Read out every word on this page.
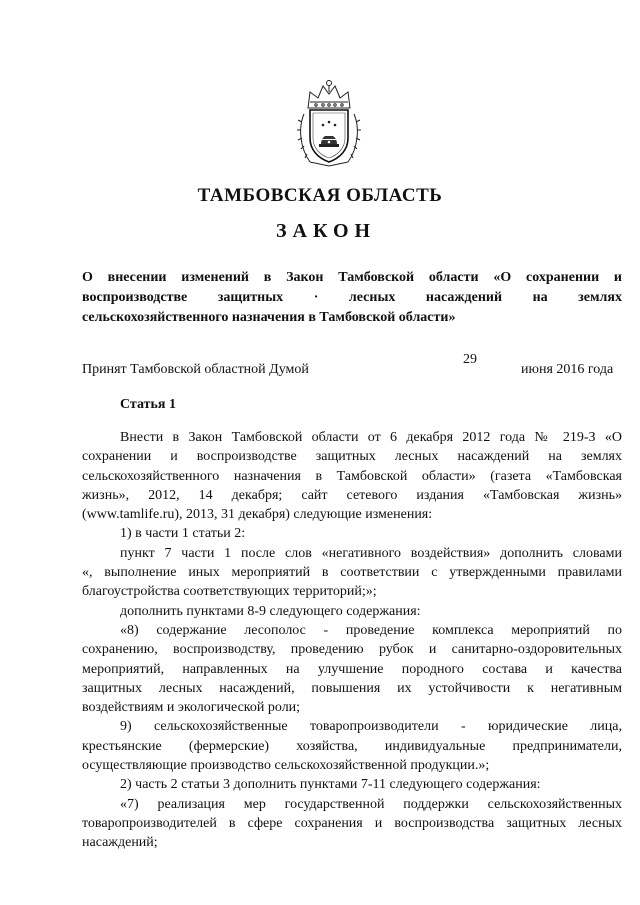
ТАМБОВСКАЯ ОБЛАСТЬ
ЗАКОН
О внесении изменений в Закон Тамбовской области «О сохранении и
воспроизводстве защитных · лесных насаждений на землях
сельскохозяйственного назначения в Тамбовской области»
Принят Тамбовской областной Думой
29
июня 2016 года
Статья 1
Внести в Закон Тамбовской области от 6 декабря 2012 года № 219-З «О
сохранении и воспроизводстве защитных лесных насаждений на землях
сельскохозяйственного назначения в Тамбовской области» (газета «Тамбовская
жизнь», 2012, 14 декабря; сайт сетевого издания «Тамбовская жизнь»
(www.tamlife.ru), 2013, 31 декабря) следующие изменения:
1) в части 1 статьи 2:
пункт 7 части 1 после слов «негативного воздействия» дополнить словами
«, выполнение иных мероприятий в соответствии с утвержденными правилами
благоустройства соответствующих территорий;»;
дополнить пунктами 8-9 следующего содержания:
«8) содержание лесополос - проведение комплекса мероприятий по
сохранению, воспроизводству, проведению рубок и санитарно-оздоровительных
мероприятий, направленных на улучшение породного состава и качества
защитных лесных насаждений, повышения их устойчивости к негативным
воздействиям и экологической роли;
9) сельскохозяйственные товаропроизводители - юридические лица,
крестьянские (фермерские) хозяйства, индивидуальные предприниматели,
осуществляющие производство сельскохозяйственной продукции.»;
2) часть 2 статьи 3 дополнить пунктами 7-11 следующего содержания:
«7) реализация мер государственной поддержки сельскохозяйственных
товаропроизводителей в сфере сохранения и воспроизводства защитных лесных
насаждений;
